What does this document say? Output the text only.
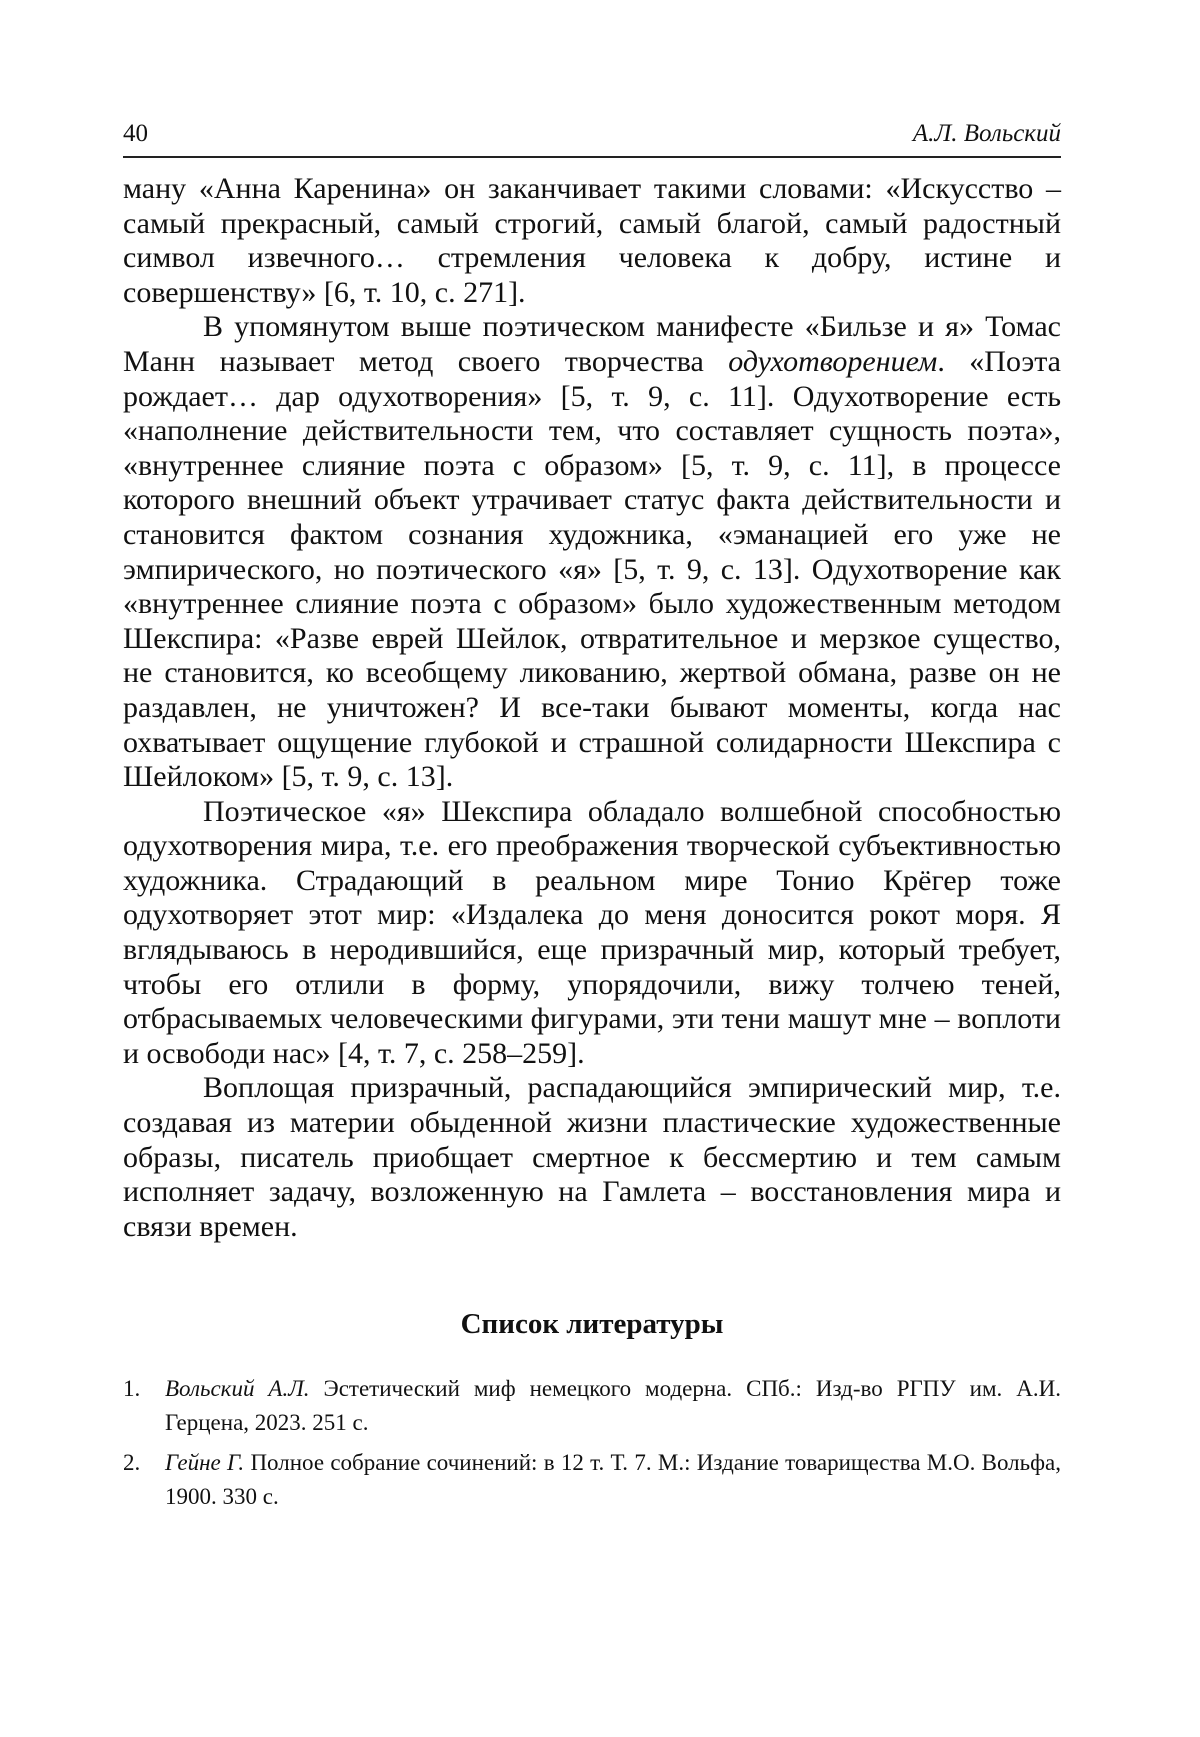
40	А.Л. Вольский

ману «Анна Каренина» он заканчивает такими словами: «Искусство – самый прекрасный, самый строгий, самый благой, самый радостный символ извечного… стремления человека к добру, истине и совершенству» [6, т. 10, с. 271].

В упомянутом выше поэтическом манифесте «Бильзе и я» Томас Манн называет метод своего творчества одухотворением. «Поэта рождает… дар одухотворения» [5, т. 9, с. 11]. Одухотворение есть «наполнение действительности тем, что составляет сущность поэта», «внутреннее слияние поэта с образом» [5, т. 9, с. 11], в процессе которого внешний объект утрачивает статус факта действительности и становится фактом сознания художника, «эманацией его уже не эмпирического, но поэтического «я» [5, т. 9, с. 13]. Одухотворение как «внутреннее слияние поэта с образом» было художественным методом Шекспира: «Разве еврей Шейлок, отвратительное и мерзкое существо, не становится, ко всеобщему ликованию, жертвой обмана, разве он не раздавлен, не уничтожен? И все-таки бывают моменты, когда нас охватывает ощущение глубокой и страшной солидарности Шекспира с Шейлоком» [5, т. 9, с. 13].

Поэтическое «я» Шекспира обладало волшебной способностью одухотворения мира, т.е. его преображения творческой субъективностью художника. Страдающий в реальном мире Тонио Крёгер тоже одухотворяет этот мир: «Издалека до меня доносится рокот моря. Я вглядываюсь в неродившийся, еще призрачный мир, который требует, чтобы его отлили в форму, упорядочили, вижу толчею теней, отбрасываемых человеческими фигурами, эти тени машут мне – воплоти и освободи нас» [4, т. 7, с. 258–259].

Воплощая призрачный, распадающийся эмпирический мир, т.е. создавая из материи обыденной жизни пластические художественные образы, писатель приобщает смертное к бессмертию и тем самым исполняет задачу, возложенную на Гамлета – восстановления мира и связи времен.

Список литературы
1.	Вольский А.Л. Эстетический миф немецкого модерна. СПб.: Изд-во РГПУ им. А.И. Герцена, 2023. 251 с.
2.	Гейне Г. Полное собрание сочинений: в 12 т. Т. 7. М.: Издание товарищества М.О. Вольфа, 1900. 330 с.
